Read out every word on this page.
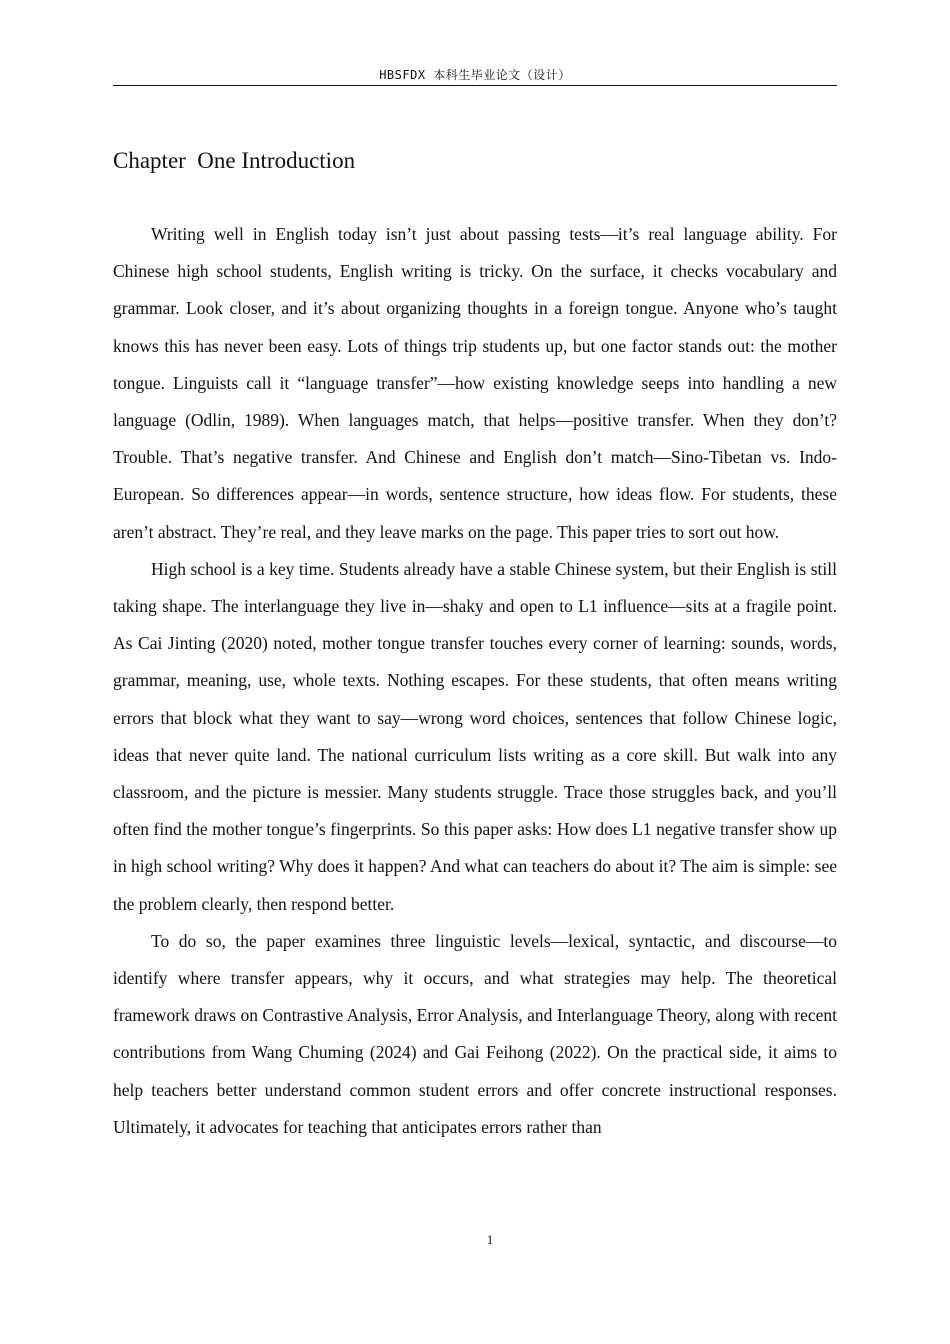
HBSFDX 本科生毕业论文（设计）
Chapter  One Introduction

Writing well in English today isn’t just about passing tests—it’s real language ability. For Chinese high school students, English writing is tricky. On the surface, it checks vocabulary and grammar. Look closer, and it’s about organizing thoughts in a foreign tongue. Anyone who’s taught knows this has never been easy. Lots of things trip students up, but one factor stands out: the mother tongue. Linguists call it “language transfer”—how existing knowledge seeps into handling a new language (Odlin, 1989). When languages match, that helps—positive transfer. When they don’t? Trouble. That’s negative transfer. And Chinese and English don’t match—Sino-Tibetan vs. Indo-European. So differences appear—in words, sentence structure, how ideas flow. For students, these aren’t abstract. They’re real, and they leave marks on the page. This paper tries to sort out how.

High school is a key time. Students already have a stable Chinese system, but their English is still taking shape. The interlanguage they live in—shaky and open to L1 influence—sits at a fragile point. As Cai Jinting (2020) noted, mother tongue transfer touches every corner of learning: sounds, words, grammar, meaning, use, whole texts. Nothing escapes. For these students, that often means writing errors that block what they want to say—wrong word choices, sentences that follow Chinese logic, ideas that never quite land. The national curriculum lists writing as a core skill. But walk into any classroom, and the picture is messier. Many students struggle. Trace those struggles back, and you’ll often find the mother tongue’s fingerprints. So this paper asks: How does L1 negative transfer show up in high school writing? Why does it happen? And what can teachers do about it? The aim is simple: see the problem clearly, then respond better.

To do so, the paper examines three linguistic levels—lexical, syntactic, and discourse—to identify where transfer appears, why it occurs, and what strategies may help. The theoretical framework draws on Contrastive Analysis, Error Analysis, and Interlanguage Theory, along with recent contributions from Wang Chuming (2024) and Gai Feihong (2022). On the practical side, it aims to help teachers better understand common student errors and offer concrete instructional responses. Ultimately, it advocates for teaching that anticipates errors rather than

1
